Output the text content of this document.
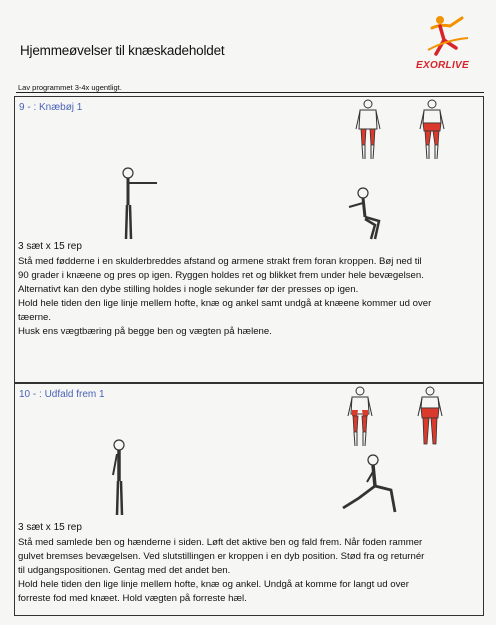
Hjemmeøvelser til knæskadeholdet
EXORLIVE
Lav programmet 3-4x ugentligt.
9 - : Knæbøj 1
3 sæt x 15 rep
Stå med fødderne i en skulderbreddes afstand og armene strakt frem foran kroppen. Bøj ned til
90 grader i knæene og pres op igen. Ryggen holdes ret og blikket frem under hele bevægelsen.
Alternativt kan den dybe stilling holdes i nogle sekunder før der presses op igen.
Hold hele tiden den lige linje mellem hofte, knæ og ankel samt undgå at knæene kommer ud over
tæerne.
Husk ens vægtbæring på begge ben og vægten på hælene.
10 - : Udfald frem 1
3 sæt x 15 rep
Stå med samlede ben og hænderne i siden. Løft det aktive ben og fald frem. Når foden rammer
gulvet bremses bevægelsen. Ved slutstillingen er kroppen i en dyb position. Stød fra og returnér
til udgangspositionen. Gentag med det andet ben.
Hold hele tiden den lige linje mellem hofte, knæ og ankel. Undgå at komme for langt ud over
forreste fod med knæet. Hold vægten på forreste hæl.
